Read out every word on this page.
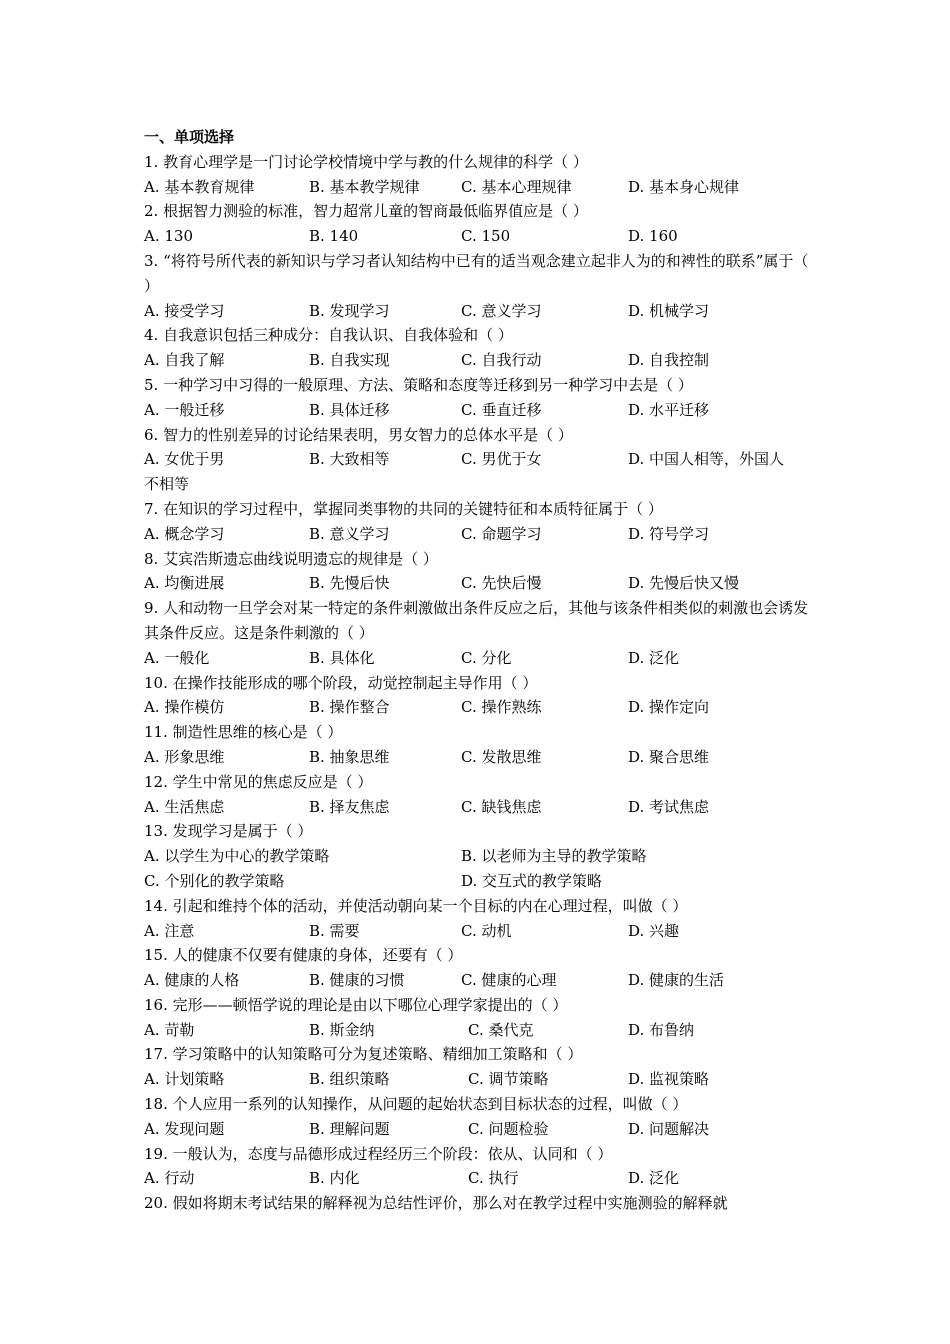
一、单项选择

1. 教育心理学是一门讨论学校情境中学与教的什么规律的科学（ ）

A. 基本教育规律	B. 基本教学规律	C. 基本心理规律	D. 基本身心规律

2. 根据智力测验的标准，智力超常儿童的智商最低临界值应是（ ）

A. 130	B. 140	C. 150	D. 160

3. “将符号所代表的新知识与学习者认知结构中已有的适当观念建立起非人为的和裨性的联系”属于（ ）

A. 接受学习	B. 发现学习	C. 意义学习	D. 机械学习

4. 自我意识包括三种成分：自我认识、自我体验和（ ）

A. 自我了解	B. 自我实现	C. 自我行动	D. 自我控制

5. 一种学习中习得的一般原理、方法、策略和态度等迁移到另一种学习中去是（ ）

A. 一般迁移	B. 具体迁移	C. 垂直迁移	D. 水平迁移

6. 智力的性别差异的讨论结果表明，男女智力的总体水平是（ ）

A. 女优于男	B. 大致相等	C. 男优于女	D. 中国人相等，外国人
不相等

7. 在知识的学习过程中，掌握同类事物的共同的关键特征和本质特征属于（ ）

A. 概念学习	B. 意义学习	C. 命题学习	D. 符号学习

8. 艾宾浩斯遗忘曲线说明遗忘的规律是（ ）

A. 均衡进展	B. 先慢后快	C. 先快后慢	D. 先慢后快又慢

9. 人和动物一旦学会对某一特定的条件刺激做出条件反应之后，其他与该条件相类似的刺激也会诱发其条件反应。这是条件刺激的（ ）

A. 一般化	B. 具体化	C. 分化	D. 泛化

10. 在操作技能形成的哪个阶段，动觉控制起主导作用（ ）

A. 操作模仿	B. 操作整合	C. 操作熟练	D. 操作定向

11. 制造性思维的核心是（ ）

A. 形象思维	B. 抽象思维	C. 发散思维	D. 聚合思维

12. 学生中常见的焦虑反应是（ ）

A. 生活焦虑	B. 择友焦虑	C. 缺钱焦虑	D. 考试焦虑

13. 发现学习是属于（ ）

A. 以学生为中心的教学策略	B. 以老师为主导的教学策略
C. 个别化的教学策略	D. 交互式的教学策略

14. 引起和维持个体的活动，并使活动朝向某一个目标的内在心理过程，叫做（ ）

A. 注意	B. 需要	C. 动机	D. 兴趣

15. 人的健康不仅要有健康的身体，还要有（ ）

A. 健康的人格	B. 健康的习惯	C. 健康的心理	D. 健康的生活

16. 完形——顿悟学说的理论是由以下哪位心理学家提出的（ ）

A. 苛勒	B. 斯金纳	C. 桑代克	D. 布鲁纳

17. 学习策略中的认知策略可分为复述策略、精细加工策略和（ ）

A. 计划策略	B. 组织策略	C. 调节策略	D. 监视策略

18. 个人应用一系列的认知操作，从问题的起始状态到目标状态的过程，叫做（ ）

A. 发现问题	B. 理解问题	C. 问题检验	D. 问题解决

19. 一般认为，态度与品德形成过程经历三个阶段：依从、认同和（ ）

A. 行动	B. 内化	C. 执行	D. 泛化

20. 假如将期末考试结果的解释视为总结性评价，那么对在教学过程中实施测验的解释就
